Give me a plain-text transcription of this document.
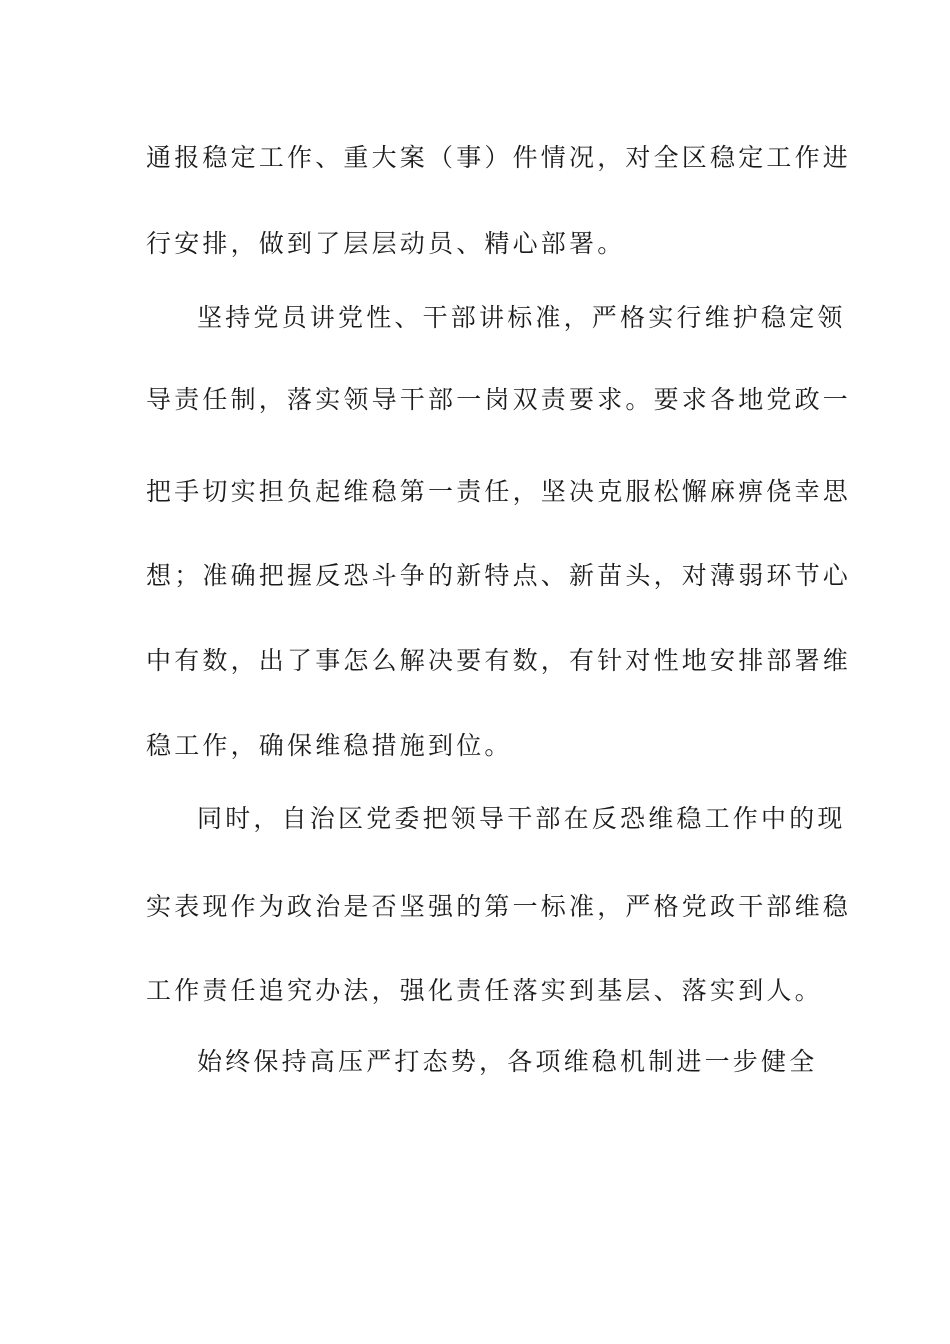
通报稳定工作、重大案（事）件情况，对全区稳定工作进
行安排，做到了层层动员、精心部署。
坚持党员讲党性、干部讲标准，严格实行维护稳定领
导责任制，落实领导干部一岗双责要求。要求各地党政一
把手切实担负起维稳第一责任，坚决克服松懈麻痹侥幸思
想；准确把握反恐斗争的新特点、新苗头，对薄弱环节心
中有数，出了事怎么解决要有数，有针对性地安排部署维
稳工作，确保维稳措施到位。
同时，自治区党委把领导干部在反恐维稳工作中的现
实表现作为政治是否坚强的第一标准，严格党政干部维稳
工作责任追究办法，强化责任落实到基层、落实到人。
始终保持高压严打态势，各项维稳机制进一步健全
